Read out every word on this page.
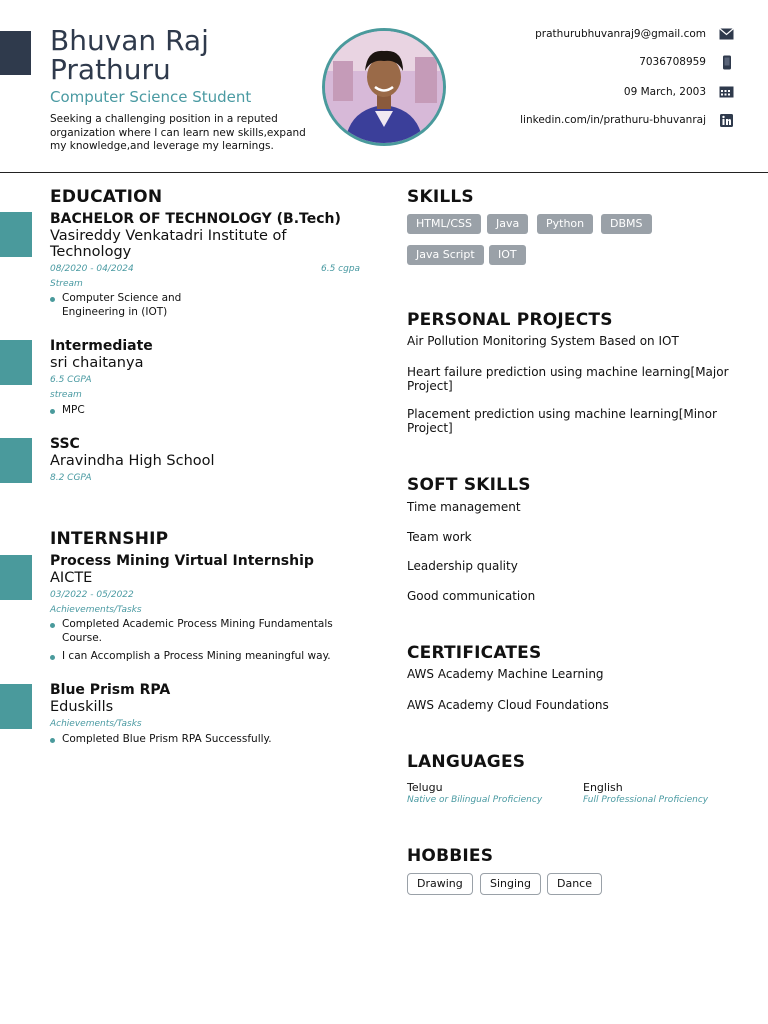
Bhuvan Raj
Prathuru
Computer Science Student
Seeking a challenging position in a reputed organization where I can learn new skills,expand my knowledge,and leverage my learnings.
prathurubhuvanraj9@gmail.com
7036708959
09 March, 2003
linkedin.com/in/prathuru-bhuvanraj
EDUCATION
BACHELOR OF TECHNOLOGY (B.Tech)
Vasireddy Venkatadri Institute of Technology
08/2020 - 04/2024	6.5 cgpa
Stream
Computer Science and Engineering in (IOT)
Intermediate
sri chaitanya
6.5 CGPA
stream
MPC
SSC
Aravindha High School
8.2 CGPA
INTERNSHIP
Process Mining Virtual Internship
AICTE
03/2022 - 05/2022
Achievements/Tasks
Completed Academic Process Mining Fundamentals Course.
I can Accomplish a Process Mining meaningful way.
Blue Prism RPA
Eduskills
Achievements/Tasks
Completed Blue Prism RPA Successfully.
SKILLS
HTML/CSS	Java	Python	DBMS
Java Script	IOT
PERSONAL PROJECTS
Air Pollution Monitoring System Based on IOT
Heart failure prediction using machine learning[Major Project]
Placement prediction using machine learning[Minor Project]
SOFT SKILLS
Time management
Team work
Leadership quality
Good communication
CERTIFICATES
AWS Academy Machine Learning
AWS Academy Cloud Foundations
LANGUAGES
Telugu
Native or Bilingual Proficiency
English
Full Professional Proficiency
HOBBIES
Drawing	Singing	Dance
